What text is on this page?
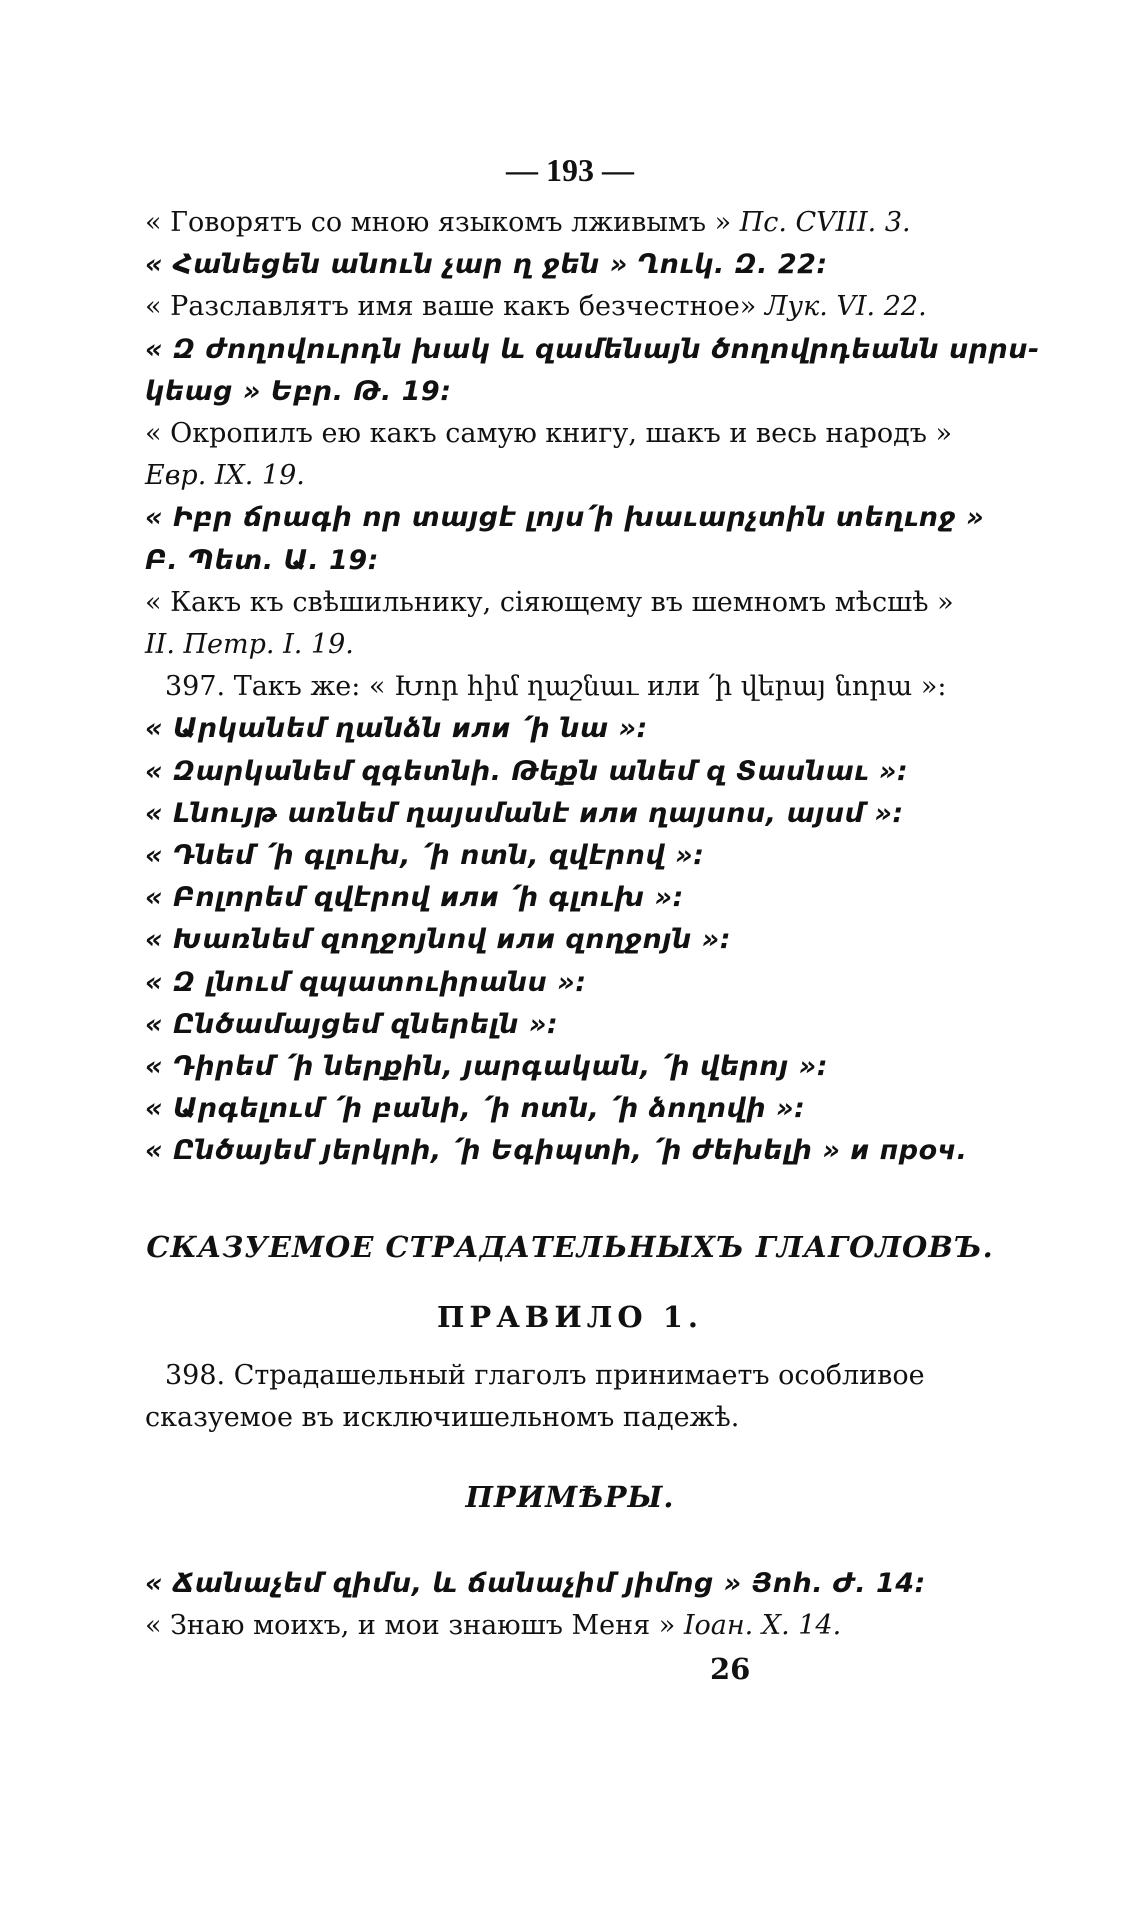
— 193 —
« Говорятъ со мною языкомъ лживымъ » Пс. CVIII. 3.
« Հանեցեն անուն չար ղ ջեն » Ղուկ. Զ. 22:
« Разславлятъ имя ваше какъ безчестное» Лук. VI. 22.
« Զ ժողովուրդն խակ և զամենայն ծողովրդեանն սրրս-
կեաց » Եբր. Թ. 19:
« Окропилъ ею какъ самую книгу, шакъ и весь народъ »
Евр. IX. 19.
« Իբր ճրագի որ տայցէ լոյս՛ի խաւարչտին տեղւոջ »
Բ. Պետ. Ա. 19:
« Какъ къ свѣшильнику, сіяющему въ шемномъ мѣсшѣ »
II. Петр. I. 19.
397. Такъ же: « Խոր հիմ ղաշնաւ или ՛ի վերայ նորա »:
« Արկանեմ ղանձն или ՛ի նա »:
« Զարկանեմ զգետնի. Թեքն անեմ զ Տասնաւ »:
« Լնույթ առնեմ ղայսմանէ или ղայսոս, այսմ »:
« Դնեմ ՛ի գլուխ, ՛ի ոտն, զվէրով »:
« Բոլորեմ զվէրով или ՛ի գլուխ »:
« Խառնեմ զողջոյնով или զողջոյն »:
« Զ լնում զպատուիրանս »:
« Ընծամայցեմ զներելն »:
« Դիրեմ ՛ի ներքին, յարգական, ՛ի վերոյ »:
« Արգելում ՛ի բանի, ՛ի ոտն, ՛ի ձողովի »:
« Ընծայեմ յերկրի, ՛ի Եգիպտի, ՛ի ժեխելի » и проч.
СКАЗУЕМОЕ СТРАДАТЕЛЬНЫХЪ ГЛАГОЛОВЪ.
ПРАВИЛО 1.
398. Страдашельный глаголъ принимаетъ особливое
сказуемое въ исключишельномъ падежѣ.
ПРИМѢРЫ.
« Ճանաչեմ զիմս, և ճանաչիմ յիմոց » Յոհ. Ժ. 14:
« Знаю моихъ, и мои знаюшъ Меня » Іоан. X. 14.
26
